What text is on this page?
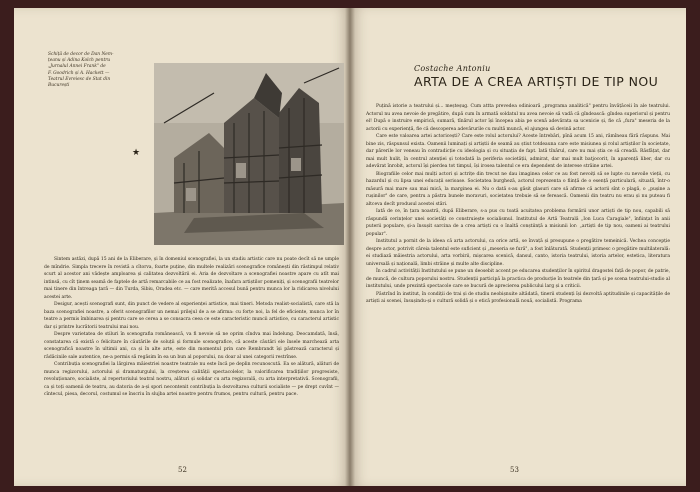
Schiță de decor de Dan Nem-
țeanu și Adina Kolch pentru
„Jurnalul Annei Frank" de
F. Goodrich și A. Hackett —
Teatrul Evreiesc de Stat din
București
★

Sintem astăzi, după 15 ani de la Eliberare, și în domeniul scenografiei, la un stadiu artistic care nu poate decît să ne umple de mîndrie. Simpla trecere în revistă a cîtorva, foarte puține, din multele realizări scenografice românești din răstimpul relativ scurt al acestor ani vădește amploarea și calitatea dezvoltării ei. Aria de dezvoltare a scenografiei noastre apare cu atît mai intinsă, cu cît ținem seamă de faptele de artă remarcabile ce au fost realizate, înafara artiștilor pomeniți, și scenografii teatrelor mai tinere din întreaga țară — din Turda, Sibiu, Oradea etc. — care merită accesul bună pentru munca lor la ridicarea nivelului acestei arte.

Desigur, acești scenografi sunt, din punct de vedere al experienței artistice, mai tineri. Metoda realist-socialistă, care stă la baza scenografiei noastre, a oferit scenografilor un nemai prilejul de a se afirma: cu forțe noi, la fel de eficiente, munca lor în teatre a permis îmbinarea și pentru care se cerea a se consacra ceea ce este caracteristic muncii artistice, cu caracterul artistic dar și printre lucrătorii teatrului mai nou.

Despre varietatea de stiluri în scenografia românească, va fi nevoie să ne oprim cîndva mai îndelung. Deocamdată, însă, constatarea că există o felicitare în căutările de soluții și formule scenografice, că aceste căutări ele însele marchează arta scenografică noastre în ultimii ani, ca și în alte arte, este din momentul prin care Rembrandt își păstrează caracterul și rădăcinile sale autentice, ne-a permis să regăsim în ea un bun al poporului, nu doar al unei categorii restrînse.

Contribuția scenografiei la lărgirea măiestriei noastre teatrale nu este încă pe deplin recunoscută. Ea se alătură, alături de munca regizorului, actorului și dramaturgului, la creșterea calității spectacolelor, la valorificarea tradițiilor progresiste, revoluționare, socialiste, al repertoriului teatral nostru, alături și solidar cu arta regizorală, cu arta interpretativă. Scenografii, ca și toți oamenii de teatru, au datoria de a-și spori necontenit contribuția la dezvoltarea culturii socialiste — pe drept cuvînt — cîntecul, piesa, decorul, costumul se înscriu în slujba artei noastre pentru frumos, pentru cultură, pentru pace.

52
Costache Antoniu
ARTA DE A CREA ARTIȘTI DE TIP NOU

Puțină istorie a teatrului și... meșteșug. Cum attta prevedea odinioară „programa analitică" pentru învățăceii în ale teatrului. Actorul nu avea nevoie de pregătire, după cum în armată soldatul nu avea nevoie să vadă că gîndească: gîndea superiorul și pentru el! După o instruire empirică, sumară, tînărul actor își începea abia pe scenă adevărata sa ucenicie și, fie că „fura" meseria de la actorii cu experiență, fie că descoperea adevărurile cu multă muncă, el ajungea să devină actor.

Care este valoarea artei actoricești? Care este rolul actorului? Aceste întrebări, pînă acum 15 ani, rămîneau fără răspuns. Mai bine zis, răspunsul exista. Oamenii luminați și artiștii de seamă au știut totdeauna care este misiunea și rolul artiștilor în societate, dar părerile lor veneau în contradicție cu ideologia și cu situația de fapt. Iată tînărul, care nu mai știa ce să creadă. Răsfățat, dar mai mult hulit, în centrul atenției și totodată la periferia societății, admirat, dar mai mult batjocorit, în aparență liber, dar cu adevărat înrobit, actorul își pierdea tot timpul, își irosea talentul ce era dependent de interese străine artei.

Biografiile celor mai mulți actori și actrițe din trecut ne dau imaginea celor ce au fost nevoiți să se lupte cu nevoile vieții, cu hazardul și cu lipsa unei educații serioase. Societatea burgheză, actorul reprezenta o ființă de o esență particulară, situată, într-o măsură mai mare sau mai mică, la marginea ei. Nu o dată s-au găsit glasuri care să afirme că actorii sînt o plagă, o „pușine a rușinilor" de care, pentru a păstra bunele moravuri, societatea trebuie să se ferească. Oamenii din teatru nu erau și nu puteau fi altceva decît produsul acestei stări.

Iată de ce, în țara noastră, după Eliberare, s-a pus cu toată acuitatea problema formării unor artiști de tip nou, capabili să răspundă cerințelor unei societăți ce construiește socialismul. Institutul de Artă Teatrală „Ion Luca Caragiale", înființat în anii puterii populare, și-a însușit sarcina de a crea artiști cu o înaltă conștiință a misiunii lor: „artiști de tip nou, oameni ai teatrului popular".

Institutul a pornit de la ideea că arta actorului, ca orice artă, se învață și presupune o pregătire temeinică. Vechea concepție despre actor, potrivit căreia talentul este suficient și „meseria se fură", a fost înlăturată. Studenții primesc o pregătire multilaterală: ei studiază măiestria actorului, arta vorbirii, mișcarea scenică, dansul, canto, istoria teatrului, istoria artelor, estetica, literatura universală și națională, limbi străine și multe alte discipline.

În cadrul activității Institutului se pune un deosebit accent pe educarea studenților în spiritul dragostei față de popor, de patrie, de muncă, de cultura poporului nostru. Studenții participă la practica de producție în teatrele din țară și pe scena teatrului-studio al institutului, unde prezintă spectacole care se bucură de aprecierea publicului larg și a criticii.

Păstrînd în institut, în condiții de trai și de studiu neobișnuite altădată, tinerii studenți își dezvoltă aptitudinile și capacitățile de artiști ai scenei, însușindu-și o cultură solidă și o etică profesională nouă, socialistă. Programa

53
